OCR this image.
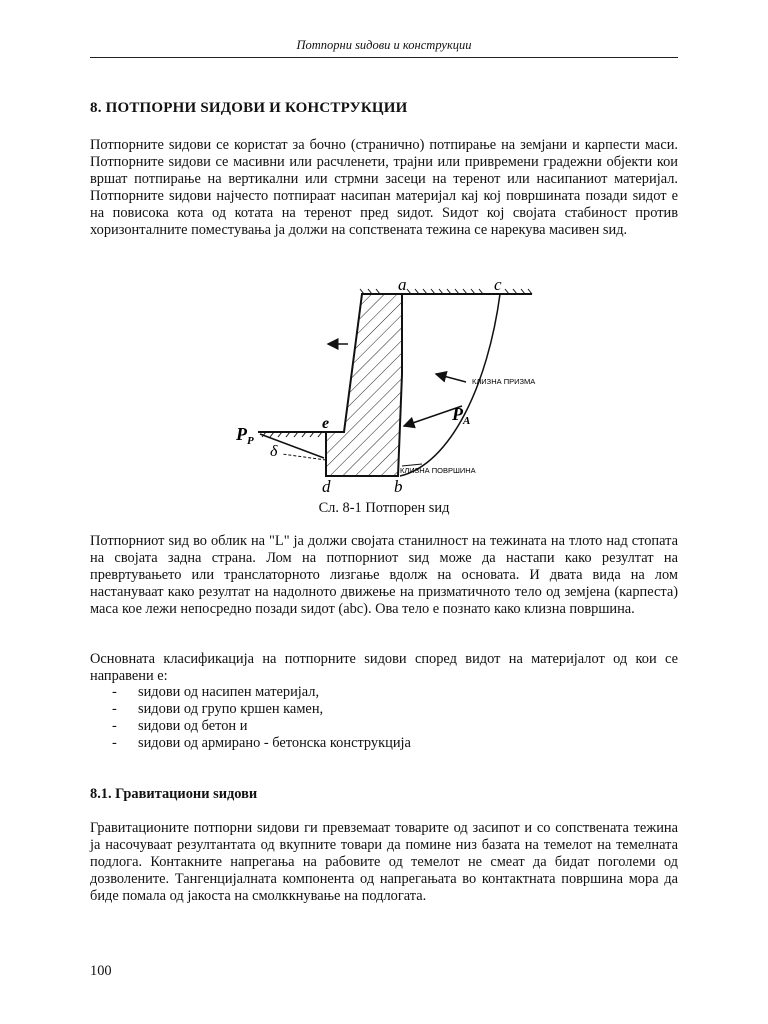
Потпорни ѕидови и конструкции
8. ПОТПОРНИ ЅИДОВИ И КОНСТРУКЦИИ
Потпорните ѕидови се користат за бочно (странично) потпирање на земјани и карпести маси. Потпорните ѕидови се масивни или расчленети, трајни или привремени градежни објекти кои вршат потпирање на вертикални или стрмни засеци на теренот или насипаниот материјал. Потпорните ѕидови најчесто потпираат насипан материјал кај кој површината позади ѕидот е на повисока кота од котата на теренот пред ѕидот. Ѕидот кој својата стабиност против хоризонталните поместувања ја должи на сопствената тежина се нарекува масивен ѕид.
a	c
e
d	b
$P_P$
$P_A$
δ
КЛИЗНА ПРИЗМА
КЛИЗНА ПОВРШИНА
Сл. 8-1 Потпорен ѕид
Потпорниот ѕид во облик на "L" ја должи својата станилност на тежината на тлото над стопата на својата задна страна. Лом на потпорниот ѕид може да настапи како резултат на превртувањето или транслаторното лизгање вдолж на основата. И двата вида на лом настануваат како резултат на надолното движење на призматичното тело од земјена (карпеста) маса кое лежи непосредно позади ѕидот (abc). Ова тело е познато како клизна површина.
Основната класификација на потпорните ѕидови според видот на материјалот од кои се направени е:
- ѕидови од насипен материјал,
- ѕидови од групо кршен камен,
- ѕидови од бетон и
- ѕидови од армирано - бетонска конструкција
8.1. Гравитациони ѕидови
Гравитационите потпорни ѕидови ги превземаат товарите од засипот и со сопствената тежина ја насочуваат резултантата од вкупните товари да помине низ базата на темелот на темелната подлога. Контакните напрегања на рабовите од темелот не смеат да бидат поголеми од дозволените. Тангенцијалната компонента од напрегањата во контактната површина мора да биде помала од јакоста на смолккнување на подлогата.
100
